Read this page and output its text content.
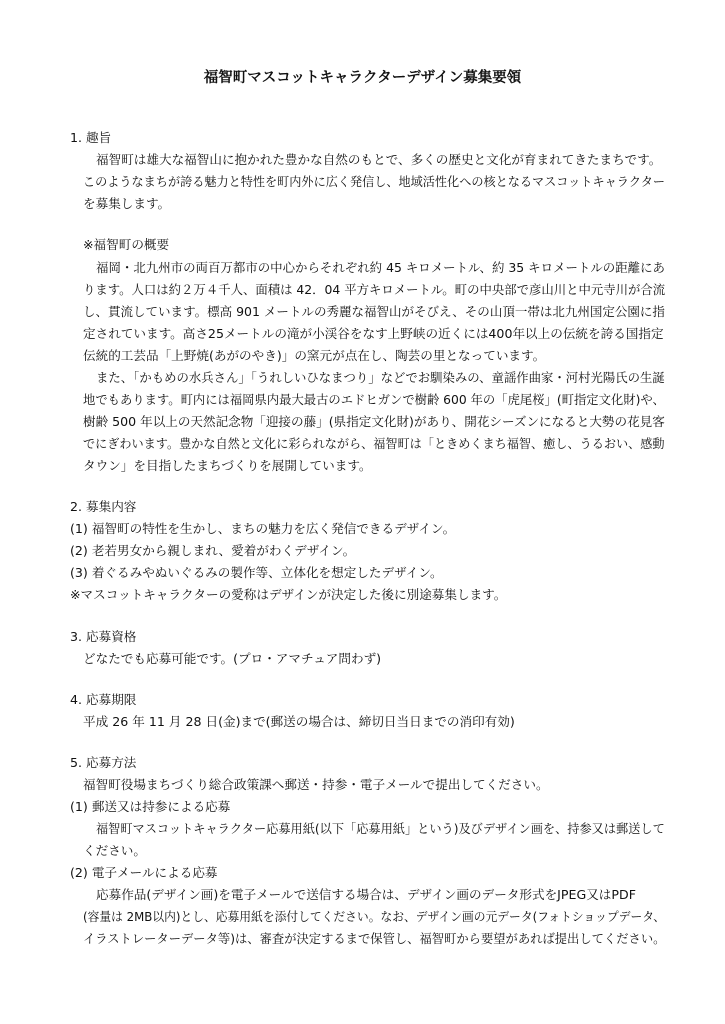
福智町マスコットキャラクターデザイン募集要領
1. 趣旨
福智町は雄大な福智山に抱かれた豊かな自然のもとで、多くの歴史と文化が育まれてきたまちです。
このようなまちが誇る魅力と特性を町内外に広く発信し、地域活性化への核となるマスコットキャラクター
を募集します。
※福智町の概要
福岡・北九州市の両百万都市の中心からそれぞれ約 45 キロメートル、約 35 キロメートルの距離にあ
ります。人口は約２万４千人、面積は 42．04 平方キロメートル。町の中央部で彦山川と中元寺川が合流
し、貫流しています。標高 901 メートルの秀麗な福智山がそびえ、その山頂一帯は北九州国定公園に指
定されています。高さ25メートルの滝が小渓谷をなす上野峡の近くには400年以上の伝統を誇る国指定
伝統的工芸品「上野焼(あがのやき)」の窯元が点在し、陶芸の里となっています。
また、「かもめの水兵さん」「うれしいひなまつり」などでお馴染みの、童謡作曲家・河村光陽氏の生誕
地でもあります。町内には福岡県内最大最古のエドヒガンで樹齢 600 年の「虎尾桜」(町指定文化財)や、
樹齢 500 年以上の天然記念物「迎接の藤」(県指定文化財)があり、開花シーズンになると大勢の花見客
でにぎわいます。豊かな自然と文化に彩られながら、福智町は「ときめくまち福智、癒し、うるおい、感動
タウン」を目指したまちづくりを展開しています。
2. 募集内容
(1) 福智町の特性を生かし、まちの魅力を広く発信できるデザイン。
(2) 老若男女から親しまれ、愛着がわくデザイン。
(3) 着ぐるみやぬいぐるみの製作等、立体化を想定したデザイン。
※マスコットキャラクターの愛称はデザインが決定した後に別途募集します。
3. 応募資格
どなたでも応募可能です。(プロ・アマチュア問わず)
4. 応募期限
平成 26 年 11 月 28 日(金)まで(郵送の場合は、締切日当日までの消印有効)
5. 応募方法
福智町役場まちづくり総合政策課へ郵送・持参・電子メールで提出してください。
(1) 郵送又は持参による応募
福智町マスコットキャラクター応募用紙(以下「応募用紙」という)及びデザイン画を、持参又は郵送して
ください。
(2) 電子メールによる応募
応募作品(デザイン画)を電子メールで送信する場合は、デザイン画のデータ形式をJPEG又はPDF
(容量は 2MB以内)とし、応募用紙を添付してください。なお、デザイン画の元データ(フォトショップデータ、
イラストレーターデータ等)は、審査が決定するまで保管し、福智町から要望があれば提出してください。
